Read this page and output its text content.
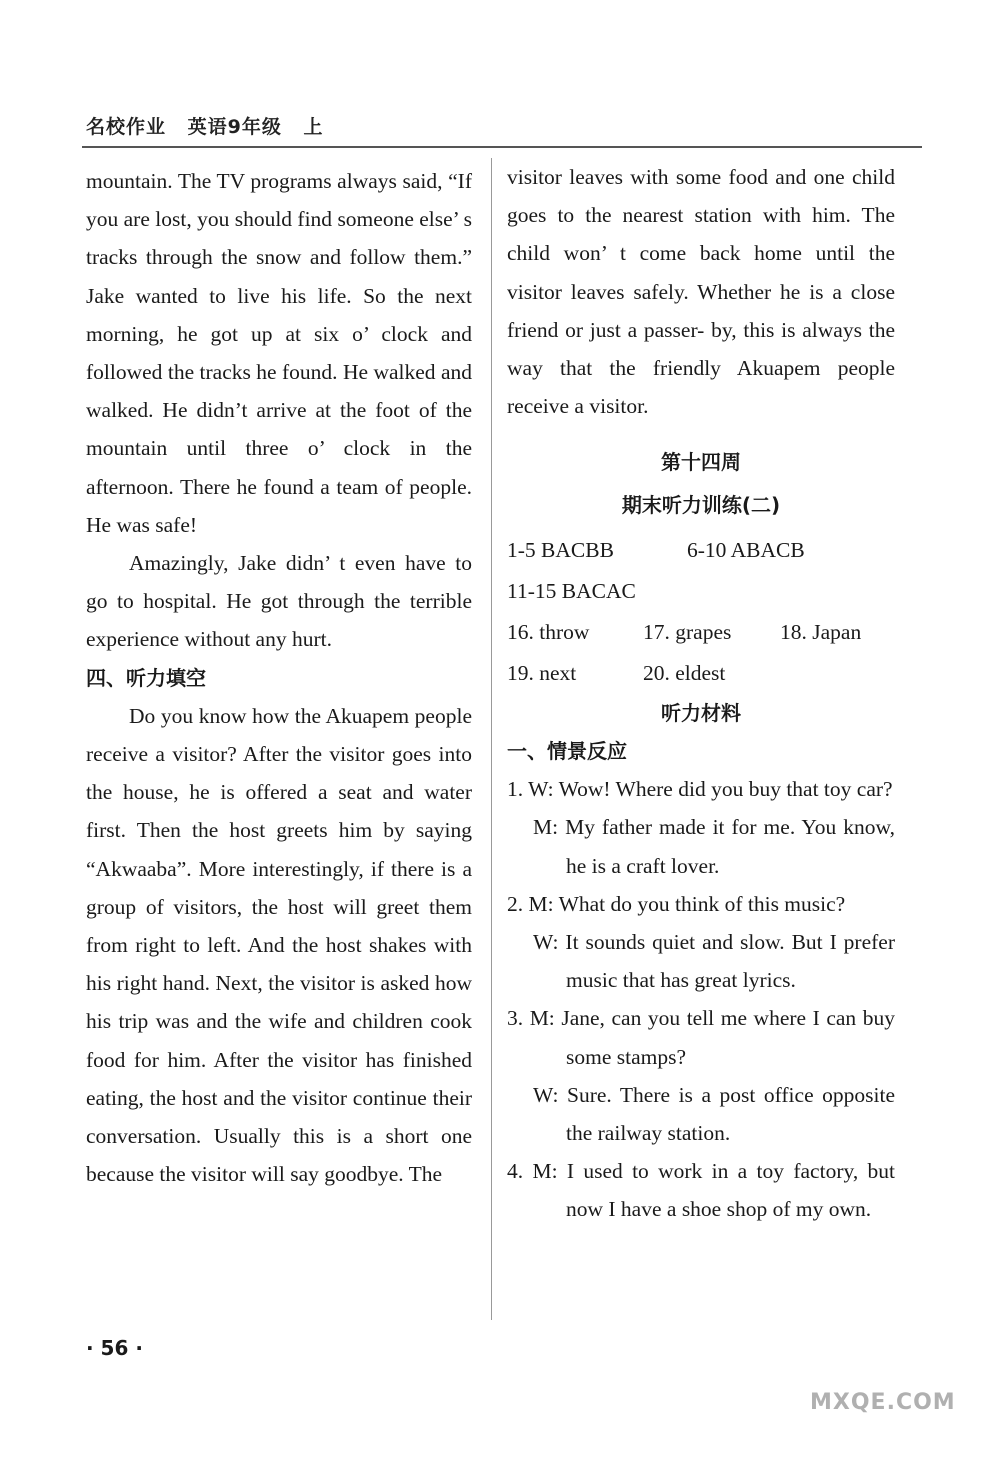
名校作业 英语9年级 上

mountain. The TV programs always said, “If you are lost, you should find someone else’ s tracks through the snow and follow them.” Jake wanted to live his life. So the next morning, he got up at six o’ clock and followed the tracks he found. He walked and walked. He didn’t arrive at the foot of the mountain until three o’ clock in the afternoon. There he found a team of people. He was safe!

Amazingly, Jake didn’ t even have to go to hospital. He got through the terrible experience without any hurt.

四、听力填空

Do you know how the Akuapem people receive a visitor? After the visitor goes into the house, he is offered a seat and water first. Then the host greets him by saying “Akwaaba”. More interestingly, if there is a group of visitors, the host will greet them from right to left. And the host shakes with his right hand. Next, the visitor is asked how his trip was and the wife and children cook food for him. After the visitor has finished eating, the host and the visitor continue their conversation. Usually this is a short one because the visitor will say goodbye. The

visitor leaves with some food and one child goes to the nearest station with him. The child won’ t come back home until the visitor leaves safely. Whether he is a close friend or just a passer- by, this is always the way that the friendly Akuapem people receive a visitor.

第十四周

期末听力训练(二)

1-5 BACBB	6-10 ABACB
11-15 BACAC
16. throw	17. grapes	18. Japan
19. next	20. eldest

听力材料

一、情景反应

1. W: Wow! Where did you buy that toy car?

M: My father made it for me. You know, he is a craft lover.

2. M: What do you think of this music?

W: It sounds quiet and slow. But I prefer music that has great lyrics.

3. M: Jane, can you tell me where I can buy some stamps?

W: Sure. There is a post office opposite the railway station.

4. M: I used to work in a toy factory, but now I have a shoe shop of my own.

· 56 ·
MXQE.COM
